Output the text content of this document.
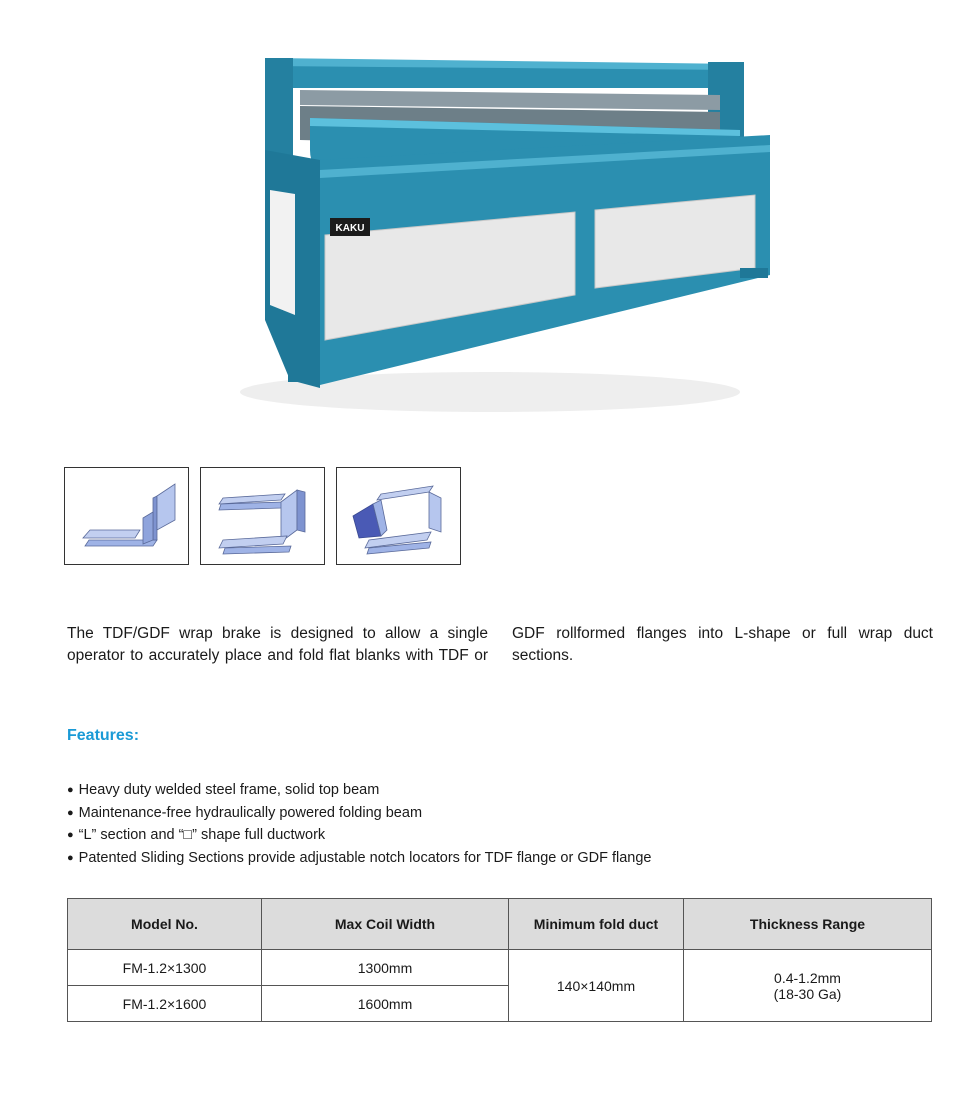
KAKU
The TDF/GDF wrap brake is designed to allow a single operator to accurately place and fold flat blanks with TDF or GDF rollformed flanges into L-shape or full wrap duct sections.
Features:
● Heavy duty welded steel frame, solid top beam
● Maintenance-free hydraulically powered folding beam
● “L” section and “□” shape full ductwork
● Patented Sliding Sections provide adjustable notch locators for TDF flange or GDF flange
Model No.	Max Coil Width	Minimum fold duct	Thickness Range
FM-1.2×1300	1300mm	140×140mm	0.4-1.2mm
(18-30 Ga)

FM-1.2×1600	1600mm		
